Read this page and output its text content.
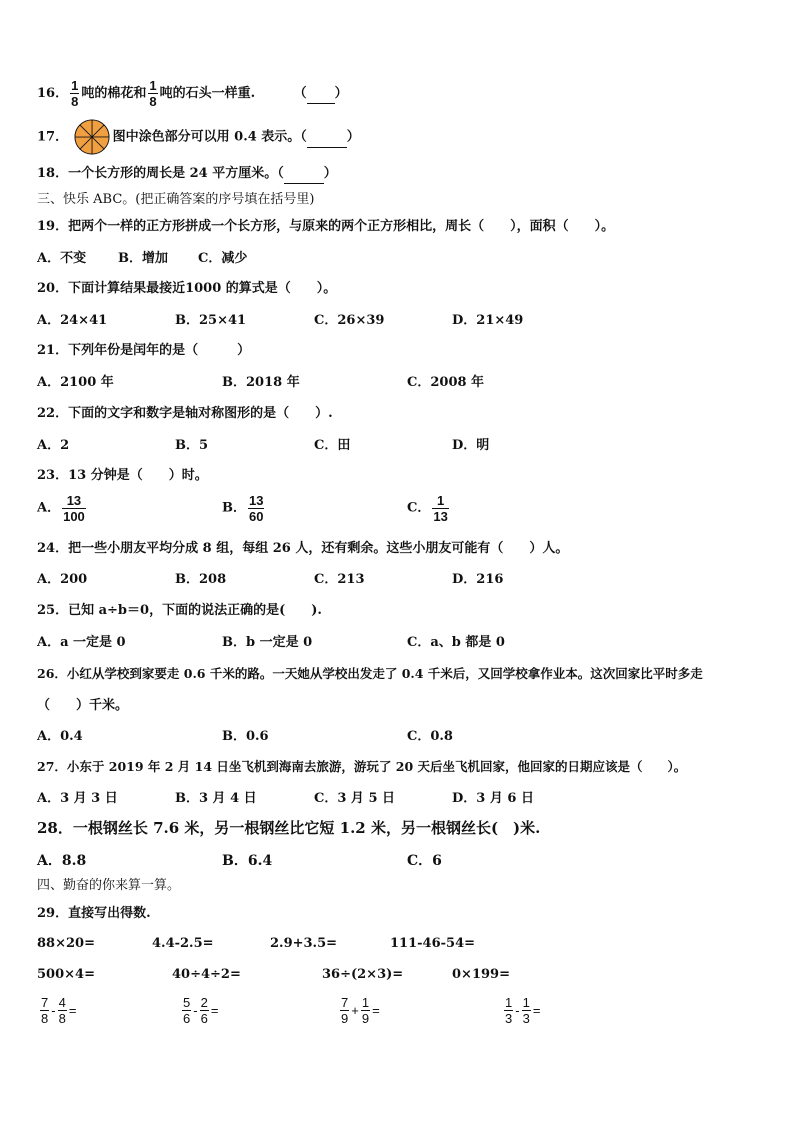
16． $\frac{1}{8}$ 吨的棉花和 $\frac{1}{8}$ 吨的石头一样重.	（ ）
17．	图中涂色部分可以用 0.4 表示。（	）
18．一个长方形的周长是 24 平方厘米。（	）
三、快乐 ABC。(把正确答案的序号填在括号里)
19．把两个一样的正方形拼成一个长方形，与原来的两个正方形相比，周长（　　），面积（　　）。
A．不变 B．增加 C．减少
20．下面计算结果最接近1000 的算式是（　　）。
A．24×41	B．25×41	C．26×39	D．21×49
21．下列年份是闰年的是（　　　）
A．2100 年	B．2018 年	C．2008 年
22．下面的文字和数字是轴对称图形的是（　　）.
A．2	B．5	C．田	D．明
23．13 分钟是（　　）时。
A． $\frac{13}{100}$	B． $\frac{13}{60}$	C． $\frac{1}{13}$
24．把一些小朋友平均分成 8 组，每组 26 人，还有剩余。这些小朋友可能有（　　）人。
A．200	B．208	C．213	D．216
25．已知 a÷b＝0，下面的说法正确的是(　　).
A．a 一定是 0	B．b 一定是 0	C．a、b 都是 0
26．小红从学校到家要走 0.6 千米的路。一天她从学校出发走了 0.4 千米后，又回学校拿作业本。这次回家比平时多走
（　　）千米。
A．0.4	B．0.6	C．0.8
27．小东于 2019 年 2 月 14 日坐飞机到海南去旅游，游玩了 20 天后坐飞机回家，他回家的日期应该是（　　）。
A．3 月 3 日	B．3 月 4 日	C．3 月 5 日	D．3 月 6 日
28．一根钢丝长 7.6 米，另一根钢丝比它短 1.2 米，另一根钢丝长(　)米.
A．8.8	B．6.4	C．6
四、勤奋的你来算一算。
29．直接写出得数.
88×20=	4.4-2.5=	2.9+3.5=	111-46-54=
500×4=	40÷4÷2=	36÷(2×3)=	0×199=
$\frac{7}{8} - \frac{4}{8}$ =	$\frac{5}{6} - \frac{2}{6}$ =	$\frac{7}{9} + \frac{1}{9}$ =	$\frac{1}{3} - \frac{1}{3}$ =
